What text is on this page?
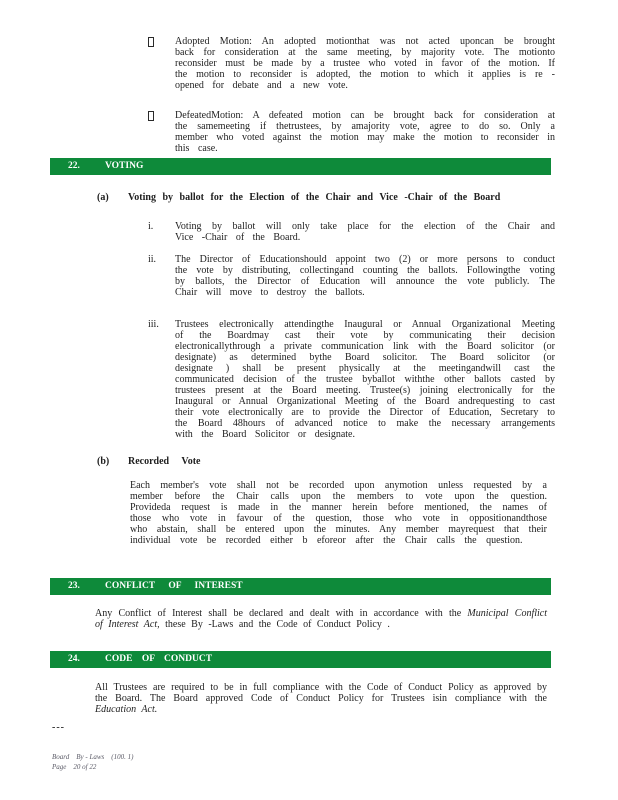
Adopted Motion: An adopted motionthat was not acted uponcan be brought back for consideration at the same meeting, by majority vote. The motionto reconsider must be made by a trustee who voted in favor of the motion. If the motion to reconsider is adopted, the motion to which it applies is re -opened for debate and a new vote.
DefeatedMotion: A defeated motion can be brought back for consideration at the samemeeting if thetrustees, by amajority vote, agree to do so. Only a member who voted against the motion may make the motion to reconsider in this case.
22.	VOTING
(a) Voting by ballot for the Election of the Chair and Vice -Chair of the Board
i. Voting by ballot will only take place for the election of the Chair and Vice -Chair of the Board.
ii. The Director of Educationshould appoint two (2) or more persons to conduct the vote by distributing, collectingand counting the ballots. Followingthe voting by ballots, the Director of Education will announce the vote publicly. The Chair will move to destroy the ballots.
iii. Trustees electronically attendingthe Inaugural or Annual Organizational Meeting of the Boardmay cast their vote by communicating their decision electronicallythrough a private communication link with the Board solicitor (or designate) as determined bythe Board solicitor. The Board solicitor (or designate ) shall be present physically at the meetingandwill cast the communicated decision of the trustee byballot withthe other ballots casted by trustees present at the Board meeting. Trustee(s) joining electronically for the Inaugural or Annual Organizational Meeting of the Board andrequesting to cast their vote electronically are to provide the Director of Education, Secretary to the Board 48hours of advanced notice to make the necessary arrangements with the Board Solicitor or designate.
(b) Recorded Vote
Each member's vote shall not be recorded upon anymotion unless requested by a member before the Chair calls upon the members to vote upon the question. Provideda request is made in the manner herein before mentioned, the names of those who vote in favour of the question, those who vote in oppositionandthose who abstain, shall be entered upon the minutes. Any member mayrequest that their individual vote be recorded either b eforeor after the Chair calls the question.
23.	CONFLICT OF INTEREST
Any Conflict of Interest shall be declared and dealt with in accordance with the Municipal Conflict of Interest Act, these By -Laws and the Code of Conduct Policy .
24.	CODE OF CONDUCT
All Trustees are required to be in full compliance with the Code of Conduct Policy as approved by the Board. The Board approved Code of Conduct Policy for Trustees isin compliance with the Education Act.
---
Board    By - Laws    (100. 1)
Page    20 of 22
